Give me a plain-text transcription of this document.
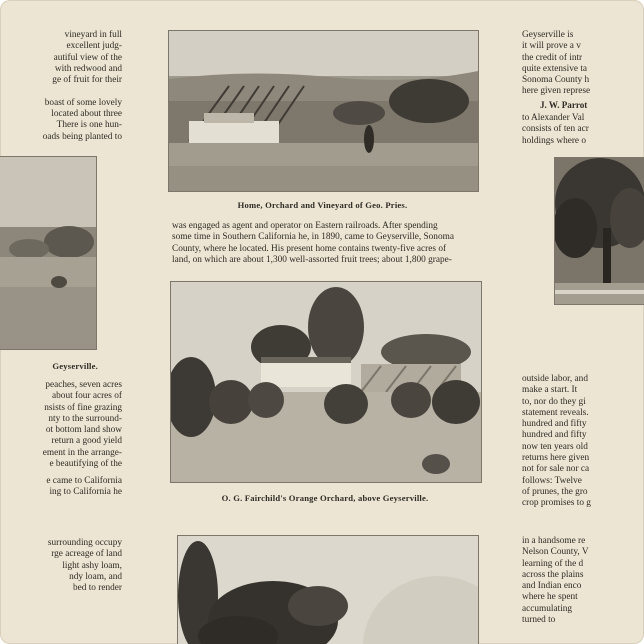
vineyard in full
excellent judg-
autiful view of the
with redwood and
ge of fruit for their
boast of some lovely
located about three
There is one hun-
oads being planted to
Geyserville.
peaches, seven acres
about four acres of
nsists of fine grazing
nty to the surround-
ot bottom land show
return a good yield
ement in the arrange-
e beautifying of the
e came to California
ing to California he
surrounding occupy
rge acreage of land
light ashy loam,
ndy loam, and
bed to render
Home, Orchard and Vineyard of Geo. Pries.
was engaged as agent and operator on Eastern railroads. After spending
some time in Southern California he, in 1890, came to Geyserville, Sonoma
County, where he located. His present home contains twenty-five acres of
land, on which are about 1,300 well-assorted fruit trees; about 1,800 grape-
O. G. Fairchild's Orange Orchard, above Geyserville.
Geyserville is
it will prove a v
the credit of intr
quite extensive ta
Sonoma County h
here given represe
J. W. Parrot
to Alexander Val
consists of ten acr
holdings where o
outside labor, and
make a start. It
to, nor do they gi
statement reveals.
hundred and fifty
hundred and fifty
now ten years old
returns here given
not for sale nor ca
follows: Twelve
of prunes, the gro
crop promises to g
in a handsome re
Nelson County, V
learning of the d
across the plains
and Indian enco
where he spent
accumulating
turned to
